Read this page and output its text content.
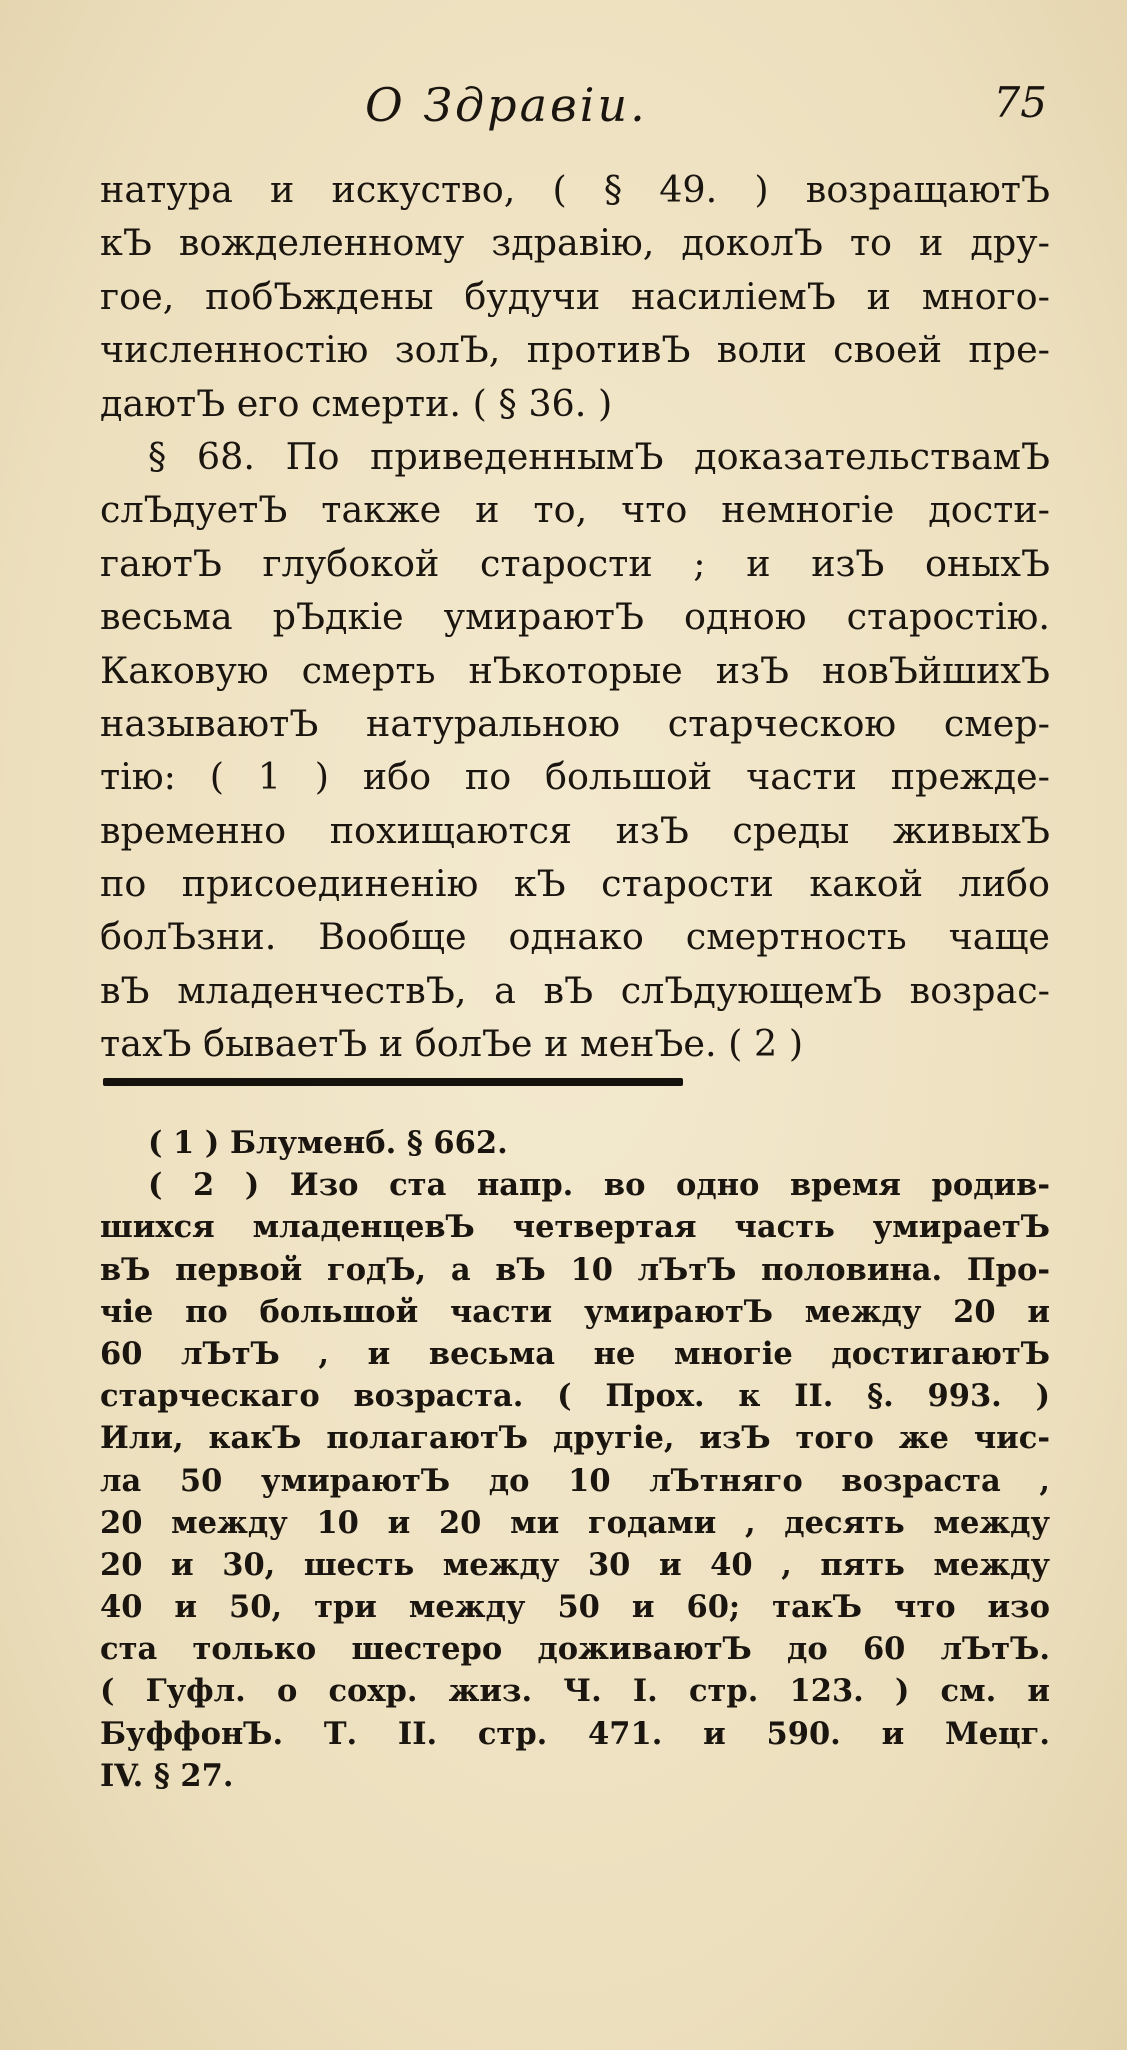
О Здравіи.	75
натура и искуство, ( § 49. ) возращаютЪ
кЪ вожделенному здравію, доколЪ то и дру-
гое, побЪждены будучи насиліемЪ и много-
численностію золЪ, противЪ воли своей пре-
даютЪ его смерти. ( § 36. )
§ 68. По приведеннымЪ доказательствамЪ
слЪдуетЪ также и то, что немногіе дости-
гаютЪ глубокой старости ; и изЪ оныхЪ
весьма рЪдкіе умираютЪ одною старостію.
Каковую смерть нЪкоторые изЪ новЪйшихЪ
называютЪ натуральною старческою смер-
тію: ( 1 ) ибо по большой части прежде-
временно похищаются изЪ среды живыхЪ
по присоединенію кЪ старости какой либо
болЪзни. Вообще однако смертность чаще
вЪ младенчествЪ, а вЪ слЪдующемЪ возрас-
тахЪ бываетЪ и болЪе и менЪе. ( 2 )
( 1 ) Блуменб. § 662.
( 2 ) Изо ста напр. во одно время родив-
шихся младенцевЪ четвертая часть умираетЪ
вЪ первой годЪ, а вЪ 10 лЪтЪ половина. Про-
чіе по большой части умираютЪ между 20 и
60 лЪтЪ , и весьма не многіе достигаютЪ
старческаго возраста. ( Прох. к II. §. 993. )
Или, какЪ полагаютЪ другіе, изЪ того же чис-
ла 50 умираютЪ до 10 лЪтняго возраста ,
20 между 10 и 20 ми годами , десять между
20 и 30, шесть между 30 и 40 , пять между
40 и 50, три между 50 и 60; такЪ что изо
ста только шестеро доживаютЪ до 60 лЪтЪ.
( Гуфл. о сохр. жиз. Ч. I. стр. 123. ) см. и
БуффонЪ. Т. II. стр. 471. и 590. и Мецг.
IV. § 27.
